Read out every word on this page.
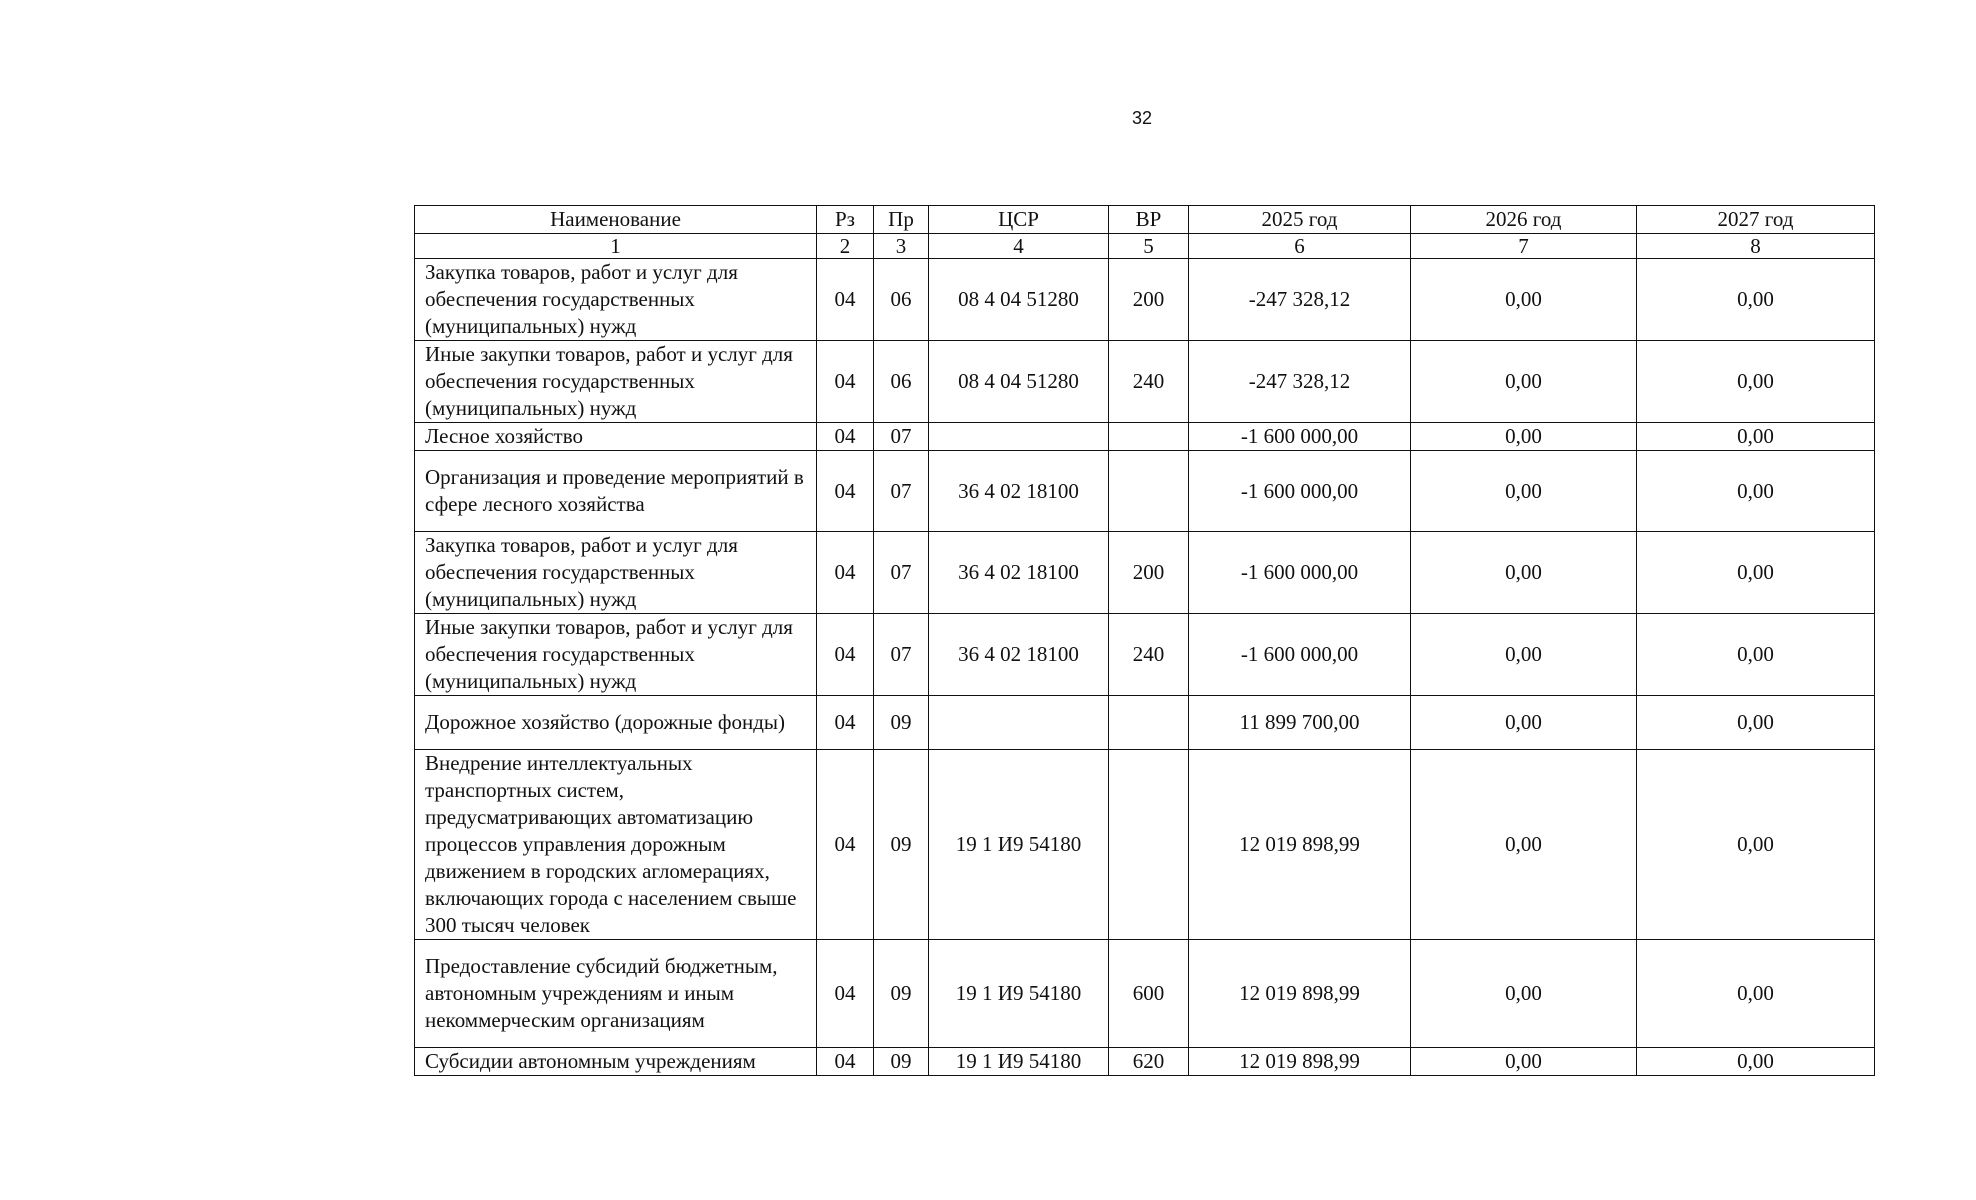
32
Наименование	Рз	Пр	ЦСР	ВР	2025 год	2026 год	2027 год
1	2	3	4	5	6	7	8
Закупка товаров, работ и услуг для обеспечения государственных (муниципальных) нужд	04	06	08 4 04 51280	200	-247 328,12	0,00	0,00
Иные закупки товаров, работ и услуг для обеспечения государственных (муниципальных) нужд	04	06	08 4 04 51280	240	-247 328,12	0,00	0,00
Лесное хозяйство	04	07			-1 600 000,00	0,00	0,00
Организация и проведение мероприятий в сфере лесного хозяйства	04	07	36 4 02 18100		-1 600 000,00	0,00	0,00
Закупка товаров, работ и услуг для обеспечения государственных (муниципальных) нужд	04	07	36 4 02 18100	200	-1 600 000,00	0,00	0,00
Иные закупки товаров, работ и услуг для обеспечения государственных (муниципальных) нужд	04	07	36 4 02 18100	240	-1 600 000,00	0,00	0,00
Дорожное хозяйство (дорожные фонды)	04	09			11 899 700,00	0,00	0,00
Внедрение интеллектуальных транспортных систем, предусматривающих автоматизацию процессов управления дорожным движением в городских агломерациях, включающих города с населением свыше 300 тысяч человек	04	09	19 1 И9 54180		12 019 898,99	0,00	0,00
Предоставление субсидий бюджетным, автономным учреждениям и иным некоммерческим организациям	04	09	19 1 И9 54180	600	12 019 898,99	0,00	0,00
Субсидии автономным учреждениям	04	09	19 1 И9 54180	620	12 019 898,99	0,00	0,00
